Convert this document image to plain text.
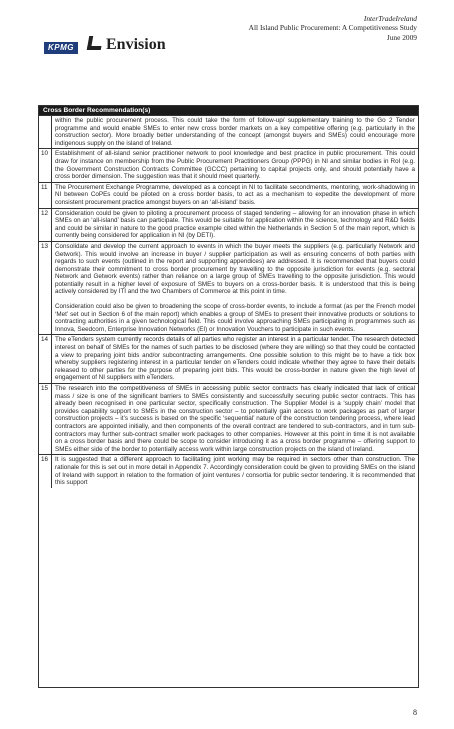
KPMG	Envision
InterTradeIreland
All Island Public Procurement: A Competitiveness Study
June 2009
Cross Border Recommendation(s)

within the public procurement process. This could take the form of follow-up/ supplementary training to the Go 2 Tender programme and would enable SMEs to enter new cross border markets on a key competitive offering (e.g. particularly in the construction sector). More broadly better understanding of the concept (amongst buyers and SMEs) could encourage more indigenous supply on the island of Ireland.

10	Establishment of all-island senior practitioner network to pool knowledge and best practice in public procurement. This could draw for instance on membership from the Public Procurement Practitioners Group (PPPG) in NI and similar bodies in RoI (e.g. the Government Construction Contracts Committee (GCCC) pertaining to capital projects only, and should potentially have a cross border dimension. The suggestion was that it should meet quarterly.

11	The Procurement Exchange Programme, developed as a concept in NI to facilitate secondments, mentoring, work-shadowing in NI between CoPEs could be piloted on a cross border basis, to act as a mechanism to expedite the development of more consistent procurement practice amongst buyers on an ‘all-island’ basis.

12	Consideration could be given to piloting a procurement process of staged tendering – allowing for an innovation phase in which SMEs on an ‘all-island’ basis can participate. This would be suitable for application within the science, technology and R&D fields and could be similar in nature to the good practice example cited within the Netherlands in Section 5 of the main report, which is currently being considered for application in NI (by DETI).

13	Consolidate and develop the current approach to events in which the buyer meets the suppliers (e.g. particularly Network and Getwork). This would involve an increase in buyer / supplier participation as well as ensuring concerns of both parties with regards to such events (outlined in the report and supporting appendices) are addressed. It is recommended that buyers could demonstrate their commitment to cross border procurement by travelling to the opposite jurisdiction for events (e.g. sectoral Network and Getwork events) rather than reliance on a large group of SMEs travelling to the opposite jurisdiction. This would potentially result in a higher level of exposure of SMEs to buyers on a cross-border basis. It is understood that this is being actively considered by ITI and the two Chambers of Commerce at this point in time.

Consideration could also be given to broadening the scope of cross-border events, to include a format (as per the French model ‘Met’ set out in Section 6 of the main report) which enables a group of SMEs to present their innovative products or solutions to contracting authorities in a given technological field. This could involve approaching SMEs participating in programmes such as Innova, Seedcorn, Enterprise Innovation Networks (EI) or Innovation Vouchers to participate in such events.

14	The eTenders system currently records details of all parties who register an interest in a particular tender. The research detected interest on behalf of SMEs for the names of such parties to be disclosed (where they are willing) so that they could be contacted a view to preparing joint bids and/or subcontracting arrangements. One possible solution to this might be to have a tick box whereby suppliers registering interest in a particular tender on eTenders could indicate whether they agree to have their details released to other parties for the purpose of preparing joint bids. This would be cross-border in nature given the high level of engagement of NI suppliers with eTenders.

15	The research into the competitiveness of SMEs in accessing public sector contracts has clearly indicated that lack of critical mass / size is one of the significant barriers to SMEs consistently and successfully securing public sector contracts. This has already been recognised in one particular sector, specifically construction. The Supplier Model is a ‘supply chain’ model that provides capability support to SMEs in the construction sector – to potentially gain access to work packages as part of larger construction projects – it’s success is based on the specific ‘sequential’ nature of the construction tendering process, where lead contractors are appointed initially, and then components of the overall contract are tendered to sub-contractors, and in turn sub-contractors may further sub-contract smaller work packages to other companies. However at this point in time it is not available on a cross border basis and there could be scope to consider introducing it as a cross border programme – offering support to SMEs either side of the border to potentially access work within large construction projects on the island of Ireland.

16	It is suggested that a different approach to facilitating joint working may be required in sectors other than construction. The rationale for this is set out in more detail in Appendix 7. Accordingly consideration could be given to providing SMEs on the island of Ireland with support in relation to the formation of joint ventures / consortia for public sector tendering. It is recommended that this support

8
